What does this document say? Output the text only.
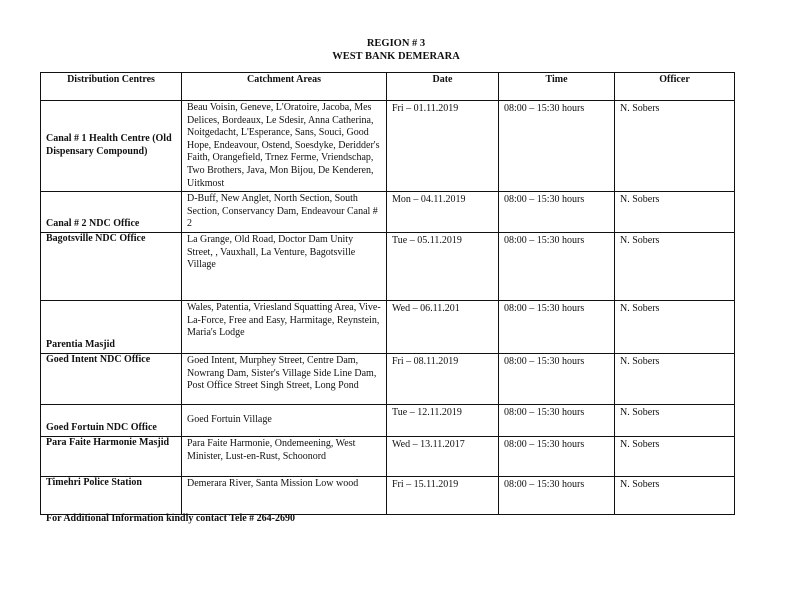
REGION # 3
WEST BANK DEMERARA
Distribution Centres	Catchment Areas	Date	Time	Officer
Canal # 1 Health Centre (Old Dispensary Compound)	Beau Voisin, Geneve, L'Oratoire, Jacoba, Mes Delices, Bordeaux, Le Sdesir, Anna Catherina, Noitgedacht, L'Esperance, Sans, Souci, Good Hope, Endeavour, Ostend, Soesdyke, Deridder's Faith, Orangefield, Trnez Ferme, Vriendschap, Two Brothers, Java, Mon Bijou, De Kenderen, Uitkmost	Fri – 01.11.2019	08:00 – 15:30 hours	N. Sobers
Canal # 2 NDC Office	D-Buff, New Anglet, North Section, South Section, Conservancy Dam, Endeavour Canal # 2	Mon – 04.11.2019	08:00 – 15:30 hours	N. Sobers
Bagotsville NDC Office	La Grange, Old Road, Doctor Dam Unity Street, , Vauxhall, La Venture, Bagotsville Village	Tue – 05.11.2019	08:00 – 15:30 hours	N. Sobers
Parentia Masjid	Wales, Patentia, Vriesland Squatting Area, Vive-La-Force, Free and Easy, Harmitage, Reynstein, Maria's Lodge	Wed – 06.11.201	08:00 – 15:30 hours	N. Sobers
Goed Intent NDC Office	Goed Intent, Murphey Street, Centre Dam, Nowrang Dam, Sister's Village Side Line Dam, Post Office Street Singh Street, Long Pond	Fri – 08.11.2019	08:00 – 15:30 hours	N. Sobers
Goed Fortuin NDC Office	Goed Fortuin Village	Tue – 12.11.2019	08:00 – 15:30 hours	N. Sobers
Para Faite Harmonie Masjid	Para Faite Harmonie, Ondemeening, West Minister, Lust-en-Rust, Schoonord	Wed – 13.11.2017	08:00 – 15:30 hours	N. Sobers
Timehri Police Station	Demerara River, Santa Mission Low wood	Fri – 15.11.2019	08:00 – 15:30 hours	N. Sobers
For Additional Information kindly contact Tele # 264-2690
